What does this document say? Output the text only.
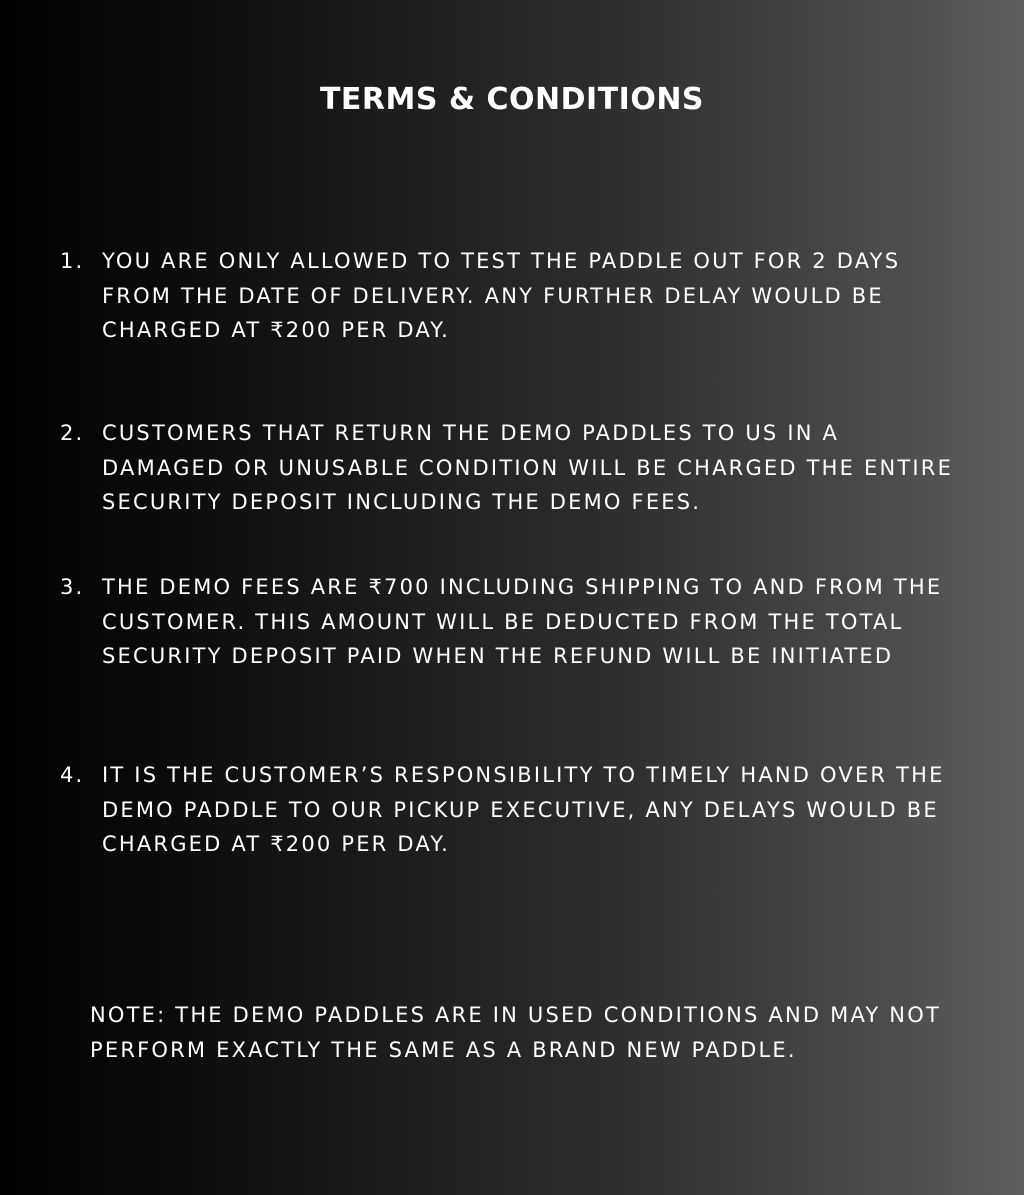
TERMS & CONDITIONS
1. YOU ARE ONLY ALLOWED TO TEST THE PADDLE OUT FOR 2 DAYS FROM THE DATE OF DELIVERY. ANY FURTHER DELAY WOULD BE CHARGED AT ₹200 PER DAY.
2. CUSTOMERS THAT RETURN THE DEMO PADDLES TO US IN A DAMAGED OR UNUSABLE CONDITION WILL BE CHARGED THE ENTIRE SECURITY DEPOSIT INCLUDING THE DEMO FEES.
3. THE DEMO FEES ARE ₹700 INCLUDING SHIPPING TO AND FROM THE CUSTOMER. THIS AMOUNT WILL BE DEDUCTED FROM THE TOTAL SECURITY DEPOSIT PAID WHEN THE REFUND WILL BE INITIATED
4. IT IS THE CUSTOMER’S RESPONSIBILITY TO TIMELY HAND OVER THE DEMO PADDLE TO OUR PICKUP EXECUTIVE, ANY DELAYS WOULD BE CHARGED AT ₹200 PER DAY.

NOTE: THE DEMO PADDLES ARE IN USED CONDITIONS AND MAY NOT PERFORM EXACTLY THE SAME AS A BRAND NEW PADDLE.
